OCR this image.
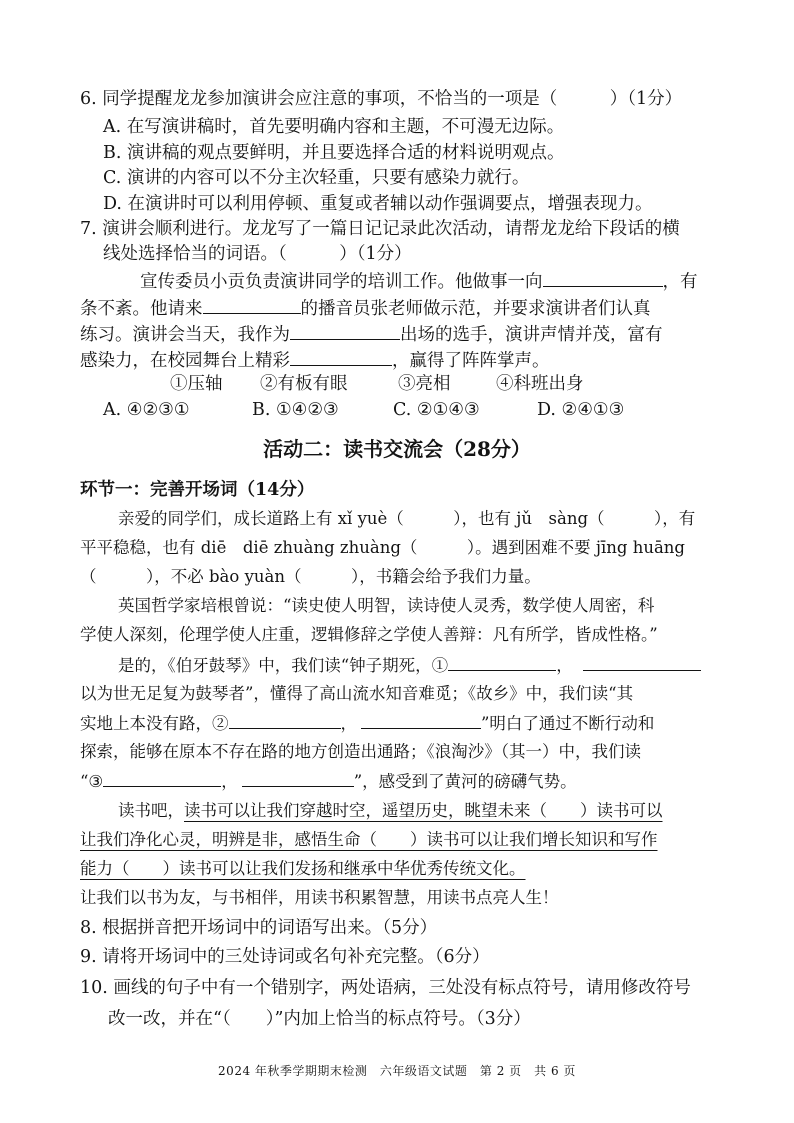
6. 同学提醒龙龙参加演讲会应注意的事项，不恰当的一项是（　　　）（1分）
A. 在写演讲稿时，首先要明确内容和主题，不可漫无边际。
B. 演讲稿的观点要鲜明，并且要选择合适的材料说明观点。
C. 演讲的内容可以不分主次轻重，只要有感染力就行。
D. 在演讲时可以利用停顿、重复或者辅以动作强调要点，增强表现力。
7. 演讲会顺利进行。龙龙写了一篇日记记录此次活动，请帮龙龙给下段话的横
线处选择恰当的词语。（　　　）（1分）
宣传委员小贡负责演讲同学的培训工作。他做事一向	，有
条不紊。他请来	的播音员张老师做示范，并要求演讲者们认真
练习。演讲会当天，我作为	出场的选手，演讲声情并茂，富有
感染力，在校园舞台上精彩	，赢得了阵阵掌声。
①压轴 ②有板有眼	③亮相	④科班出身
A. ④②③①	B. ①④②③	C. ②①④③	D. ②④①③
活动二：读书交流会（28分）
环节一：完善开场词（14分）
亲爱的同学们，成长道路上有 xǐ yuè（　　　），也有 jǔ　sàng（　　　），有
平平稳稳，也有 diē　diē zhuàng zhuàng（　　　）。遇到困难不要 jīng huāng
（　　　），不必 bào yuàn（　　　），书籍会给予我们力量。
英国哲学家培根曾说：“读史使人明智，读诗使人灵秀，数学使人周密，科
学使人深刻，伦理学使人庄重，逻辑修辞之学使人善辩：凡有所学，皆成性格。”
是的，《伯牙鼓琴》中，我们读“钟子期死，①	，
以为世无足复为鼓琴者”，懂得了高山流水知音难觅；《故乡》中，我们读“其
实地上本没有路，②	，	”明白了通过不断行动和
探索，能够在原本不存在路的地方创造出通路；《浪淘沙》（其一）中，我们读
“③	，	”，感受到了黄河的磅礴气势。
读书吧，读书可以让我们穿越时空，遥望历史，眺望未来（　　）读书可以
让我们净化心灵，明辨是非，感悟生命（　　）读书可以让我们增长知识和写作
能力（　　）读书可以让我们发扬和继承中华优秀传统文化。
让我们以书为友，与书相伴，用读书积累智慧，用读书点亮人生！
8. 根据拼音把开场词中的词语写出来。（5分）
9. 请将开场词中的三处诗词或名句补充完整。（6分）
10. 画线的句子中有一个错别字，两处语病，三处没有标点符号，请用修改符号
改一改，并在“（　　）”内加上恰当的标点符号。（3分）
2024 年秋季学期期末检测　六年级语文试题　第 2 页　共 6 页
